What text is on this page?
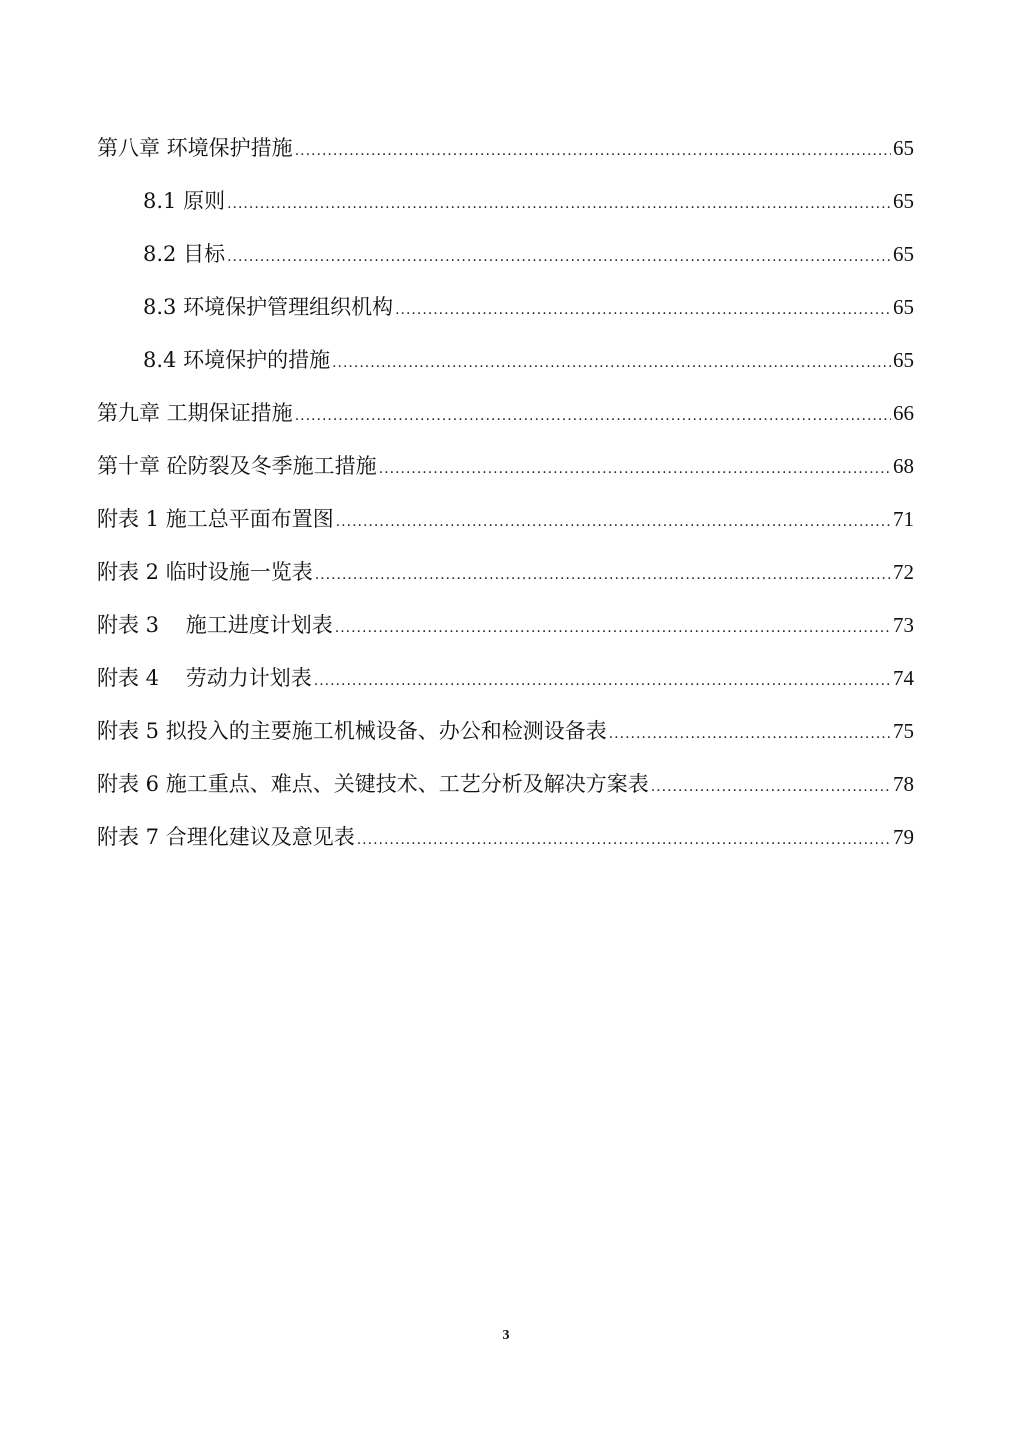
第八章 环境保护措施 .....	65
8.1 原则 .....	65
8.2 目标 .....	65
8.3 环境保护管理组织机构 .....	65
8.4 环境保护的措施 .....	65
第九章 工期保证措施 .....	66
第十章 砼防裂及冬季施工措施 .....	68
附表 1 施工总平面布置图 .....	71
附表 2 临时设施一览表 .....	72
附表 3    施工进度计划表 .....	73
附表 4    劳动力计划表 .....	74
附表 5 拟投入的主要施工机械设备、办公和检测设备表 .....	75
附表 6 施工重点、难点、关键技术、工艺分析及解决方案表 .....	78
附表 7 合理化建议及意见表 .....	79
3
